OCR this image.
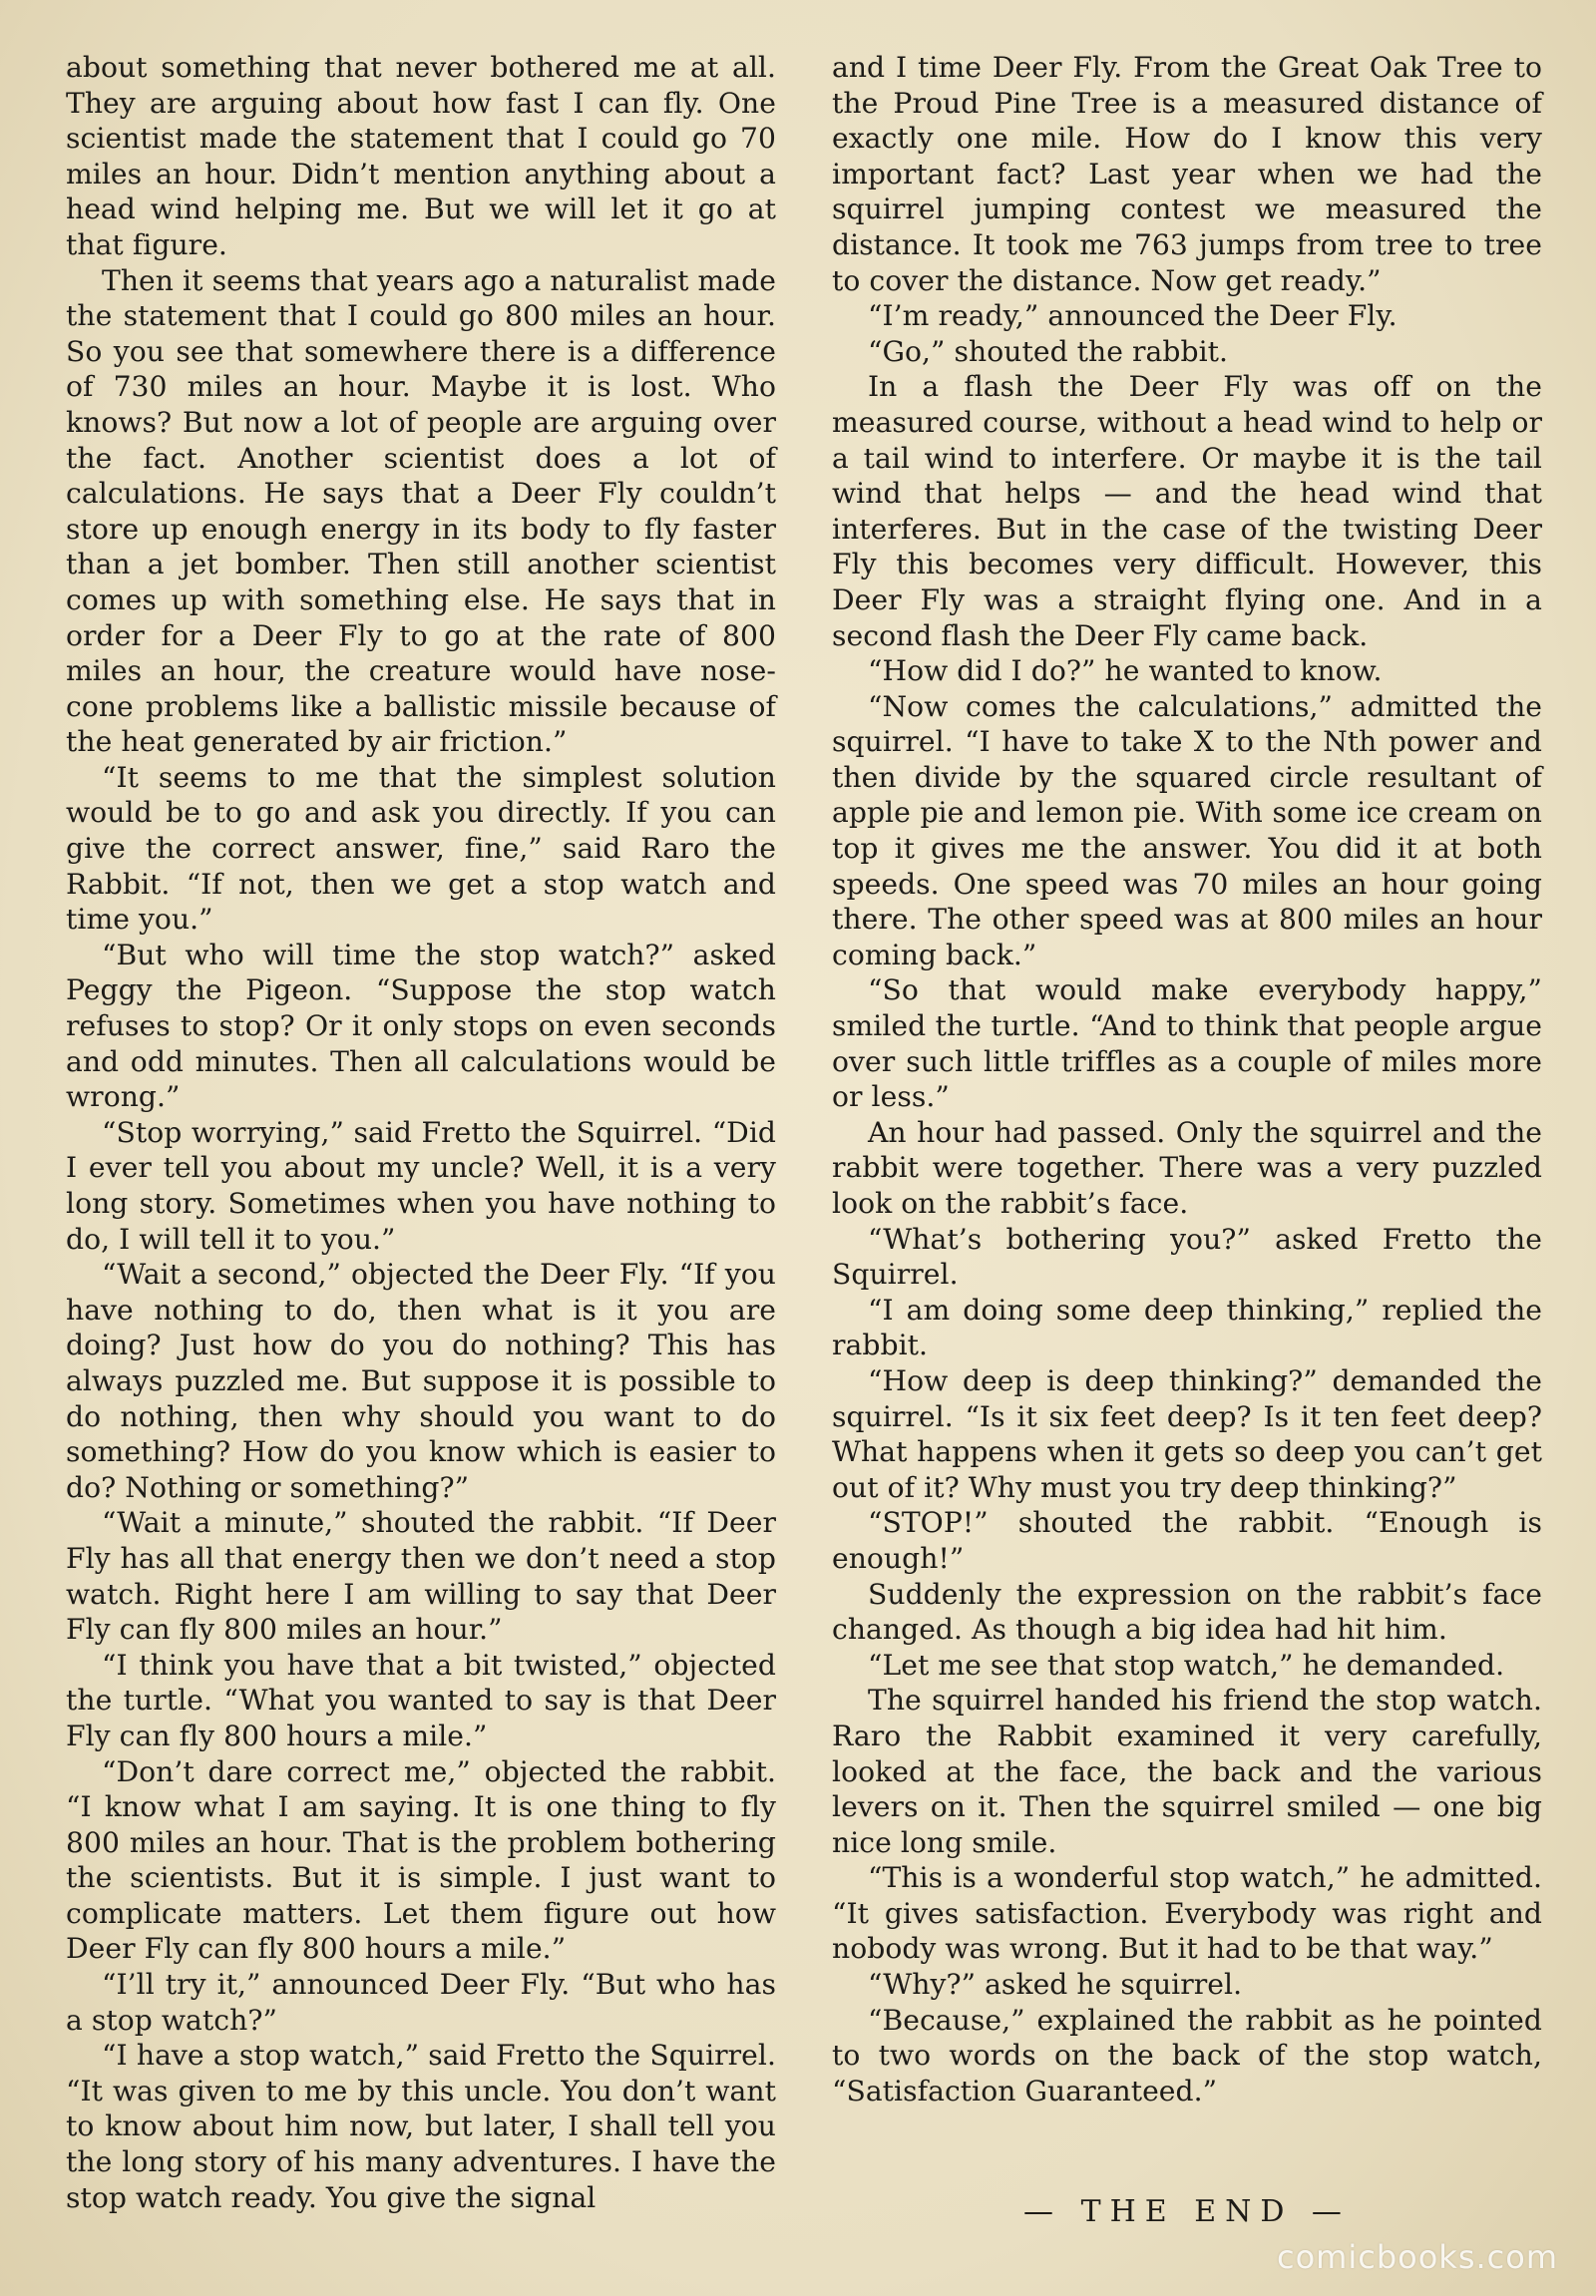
about something that never bothered me at all. They are arguing about how fast I can fly. One scientist made the statement that I could go 70 miles an hour. Didn’t mention anything about a head wind helping me. But we will let it go at that figure.

Then it seems that years ago a naturalist made the statement that I could go 800 miles an hour. So you see that somewhere there is a difference of 730 miles an hour. Maybe it is lost. Who knows? But now a lot of people are arguing over the fact. Another scientist does a lot of calculations. He says that a Deer Fly couldn’t store up enough energy in its body to fly faster than a jet bomber. Then still another scientist comes up with something else. He says that in order for a Deer Fly to go at the rate of 800 miles an hour, the creature would have nose-cone problems like a ballistic missile because of the heat generated by air friction.”

“It seems to me that the simplest solution would be to go and ask you directly. If you can give the correct answer, fine,” said Raro the Rabbit. “If not, then we get a stop watch and time you.”

“But who will time the stop watch?” asked Peggy the Pigeon. “Suppose the stop watch refuses to stop? Or it only stops on even seconds and odd minutes. Then all calculations would be wrong.”

“Stop worrying,” said Fretto the Squirrel. “Did I ever tell you about my uncle? Well, it is a very long story. Sometimes when you have nothing to do, I will tell it to you.”

“Wait a second,” objected the Deer Fly. “If you have nothing to do, then what is it you are doing? Just how do you do nothing? This has always puzzled me. But suppose it is possible to do nothing, then why should you want to do something? How do you know which is easier to do? Nothing or something?”

“Wait a minute,” shouted the rabbit. “If Deer Fly has all that energy then we don’t need a stop watch. Right here I am willing to say that Deer Fly can fly 800 miles an hour.”

“I think you have that a bit twisted,” objected the turtle. “What you wanted to say is that Deer Fly can fly 800 hours a mile.”

“Don’t dare correct me,” objected the rabbit. “I know what I am saying. It is one thing to fly 800 miles an hour. That is the problem bothering the scientists. But it is simple. I just want to complicate matters. Let them figure out how Deer Fly can fly 800 hours a mile.”

“I’ll try it,” announced Deer Fly. “But who has a stop watch?”

“I have a stop watch,” said Fretto the Squirrel. “It was given to me by this uncle. You don’t want to know about him now, but later, I shall tell you the long story of his many adventures. I have the stop watch ready. You give the signal

and I time Deer Fly. From the Great Oak Tree to the Proud Pine Tree is a measured distance of exactly one mile. How do I know this very important fact? Last year when we had the squirrel jumping contest we measured the distance. It took me 763 jumps from tree to tree to cover the distance. Now get ready.”

“I’m ready,” announced the Deer Fly.

“Go,” shouted the rabbit.

In a flash the Deer Fly was off on the measured course, without a head wind to help or a tail wind to interfere. Or maybe it is the tail wind that helps — and the head wind that interferes. But in the case of the twisting Deer Fly this becomes very difficult. However, this Deer Fly was a straight flying one. And in a second flash the Deer Fly came back.

“How did I do?” he wanted to know.

“Now comes the calculations,” admitted the squirrel. “I have to take X to the Nth power and then divide by the squared circle resultant of apple pie and lemon pie. With some ice cream on top it gives me the answer. You did it at both speeds. One speed was 70 miles an hour going there. The other speed was at 800 miles an hour coming back.”

“So that would make everybody happy,” smiled the turtle. “And to think that people argue over such little triffles as a couple of miles more or less.”

An hour had passed. Only the squirrel and the rabbit were together. There was a very puzzled look on the rabbit’s face.

“What’s bothering you?” asked Fretto the Squirrel.

“I am doing some deep thinking,” replied the rabbit.

“How deep is deep thinking?” demanded the squirrel. “Is it six feet deep? Is it ten feet deep? What happens when it gets so deep you can’t get out of it? Why must you try deep thinking?”

“STOP!” shouted the rabbit. “Enough is enough!”

Suddenly the expression on the rabbit’s face changed. As though a big idea had hit him.

“Let me see that stop watch,” he demanded.

The squirrel handed his friend the stop watch. Raro the Rabbit examined it very carefully, looked at the face, the back and the various levers on it. Then the squirrel smiled — one big nice long smile.

“This is a wonderful stop watch,” he admitted. “It gives satisfaction. Everybody was right and nobody was wrong. But it had to be that way.”

“Why?” asked he squirrel.

“Because,” explained the rabbit as he pointed to two words on the back of the stop watch, “Satisfaction Guaranteed.”

— THE END —
comicbooks.com
